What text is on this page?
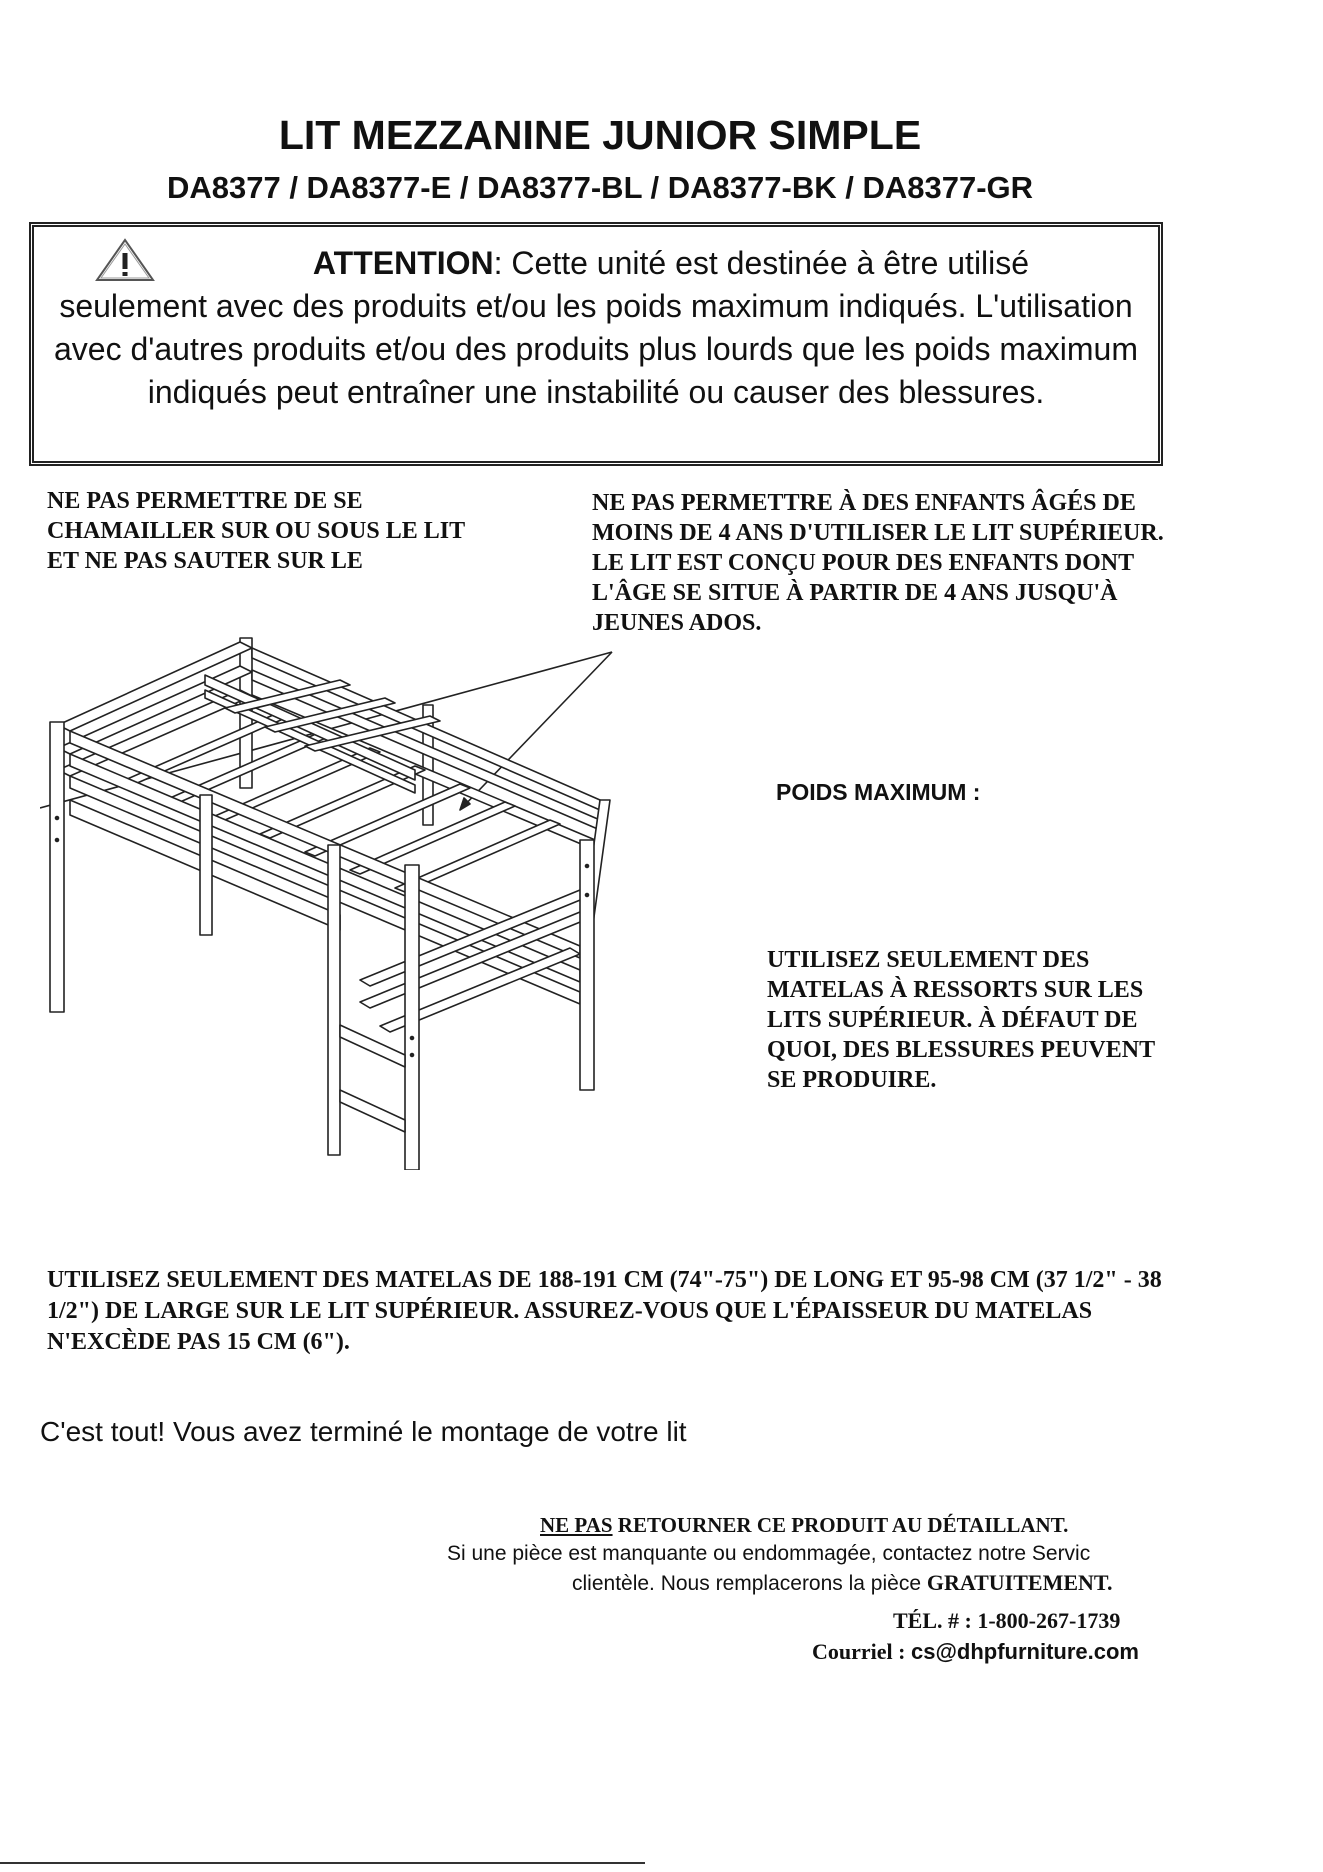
LIT MEZZANINE JUNIOR SIMPLE
DA8377 / DA8377-E / DA8377-BL / DA8377-BK / DA8377-GR
ATTENTION: Cette unité est destinée à être utilisé
seulement avec des produits et/ou les poids maximum indiqués. L'utilisation avec d'autres produits et/ou des produits plus lourds que les poids maximum indiqués peut entraîner une instabilité ou causer des blessures.
NE PAS PERMETTRE DE SE CHAMAILLER SUR OU SOUS LE LIT ET NE PAS SAUTER SUR LE
NE PAS PERMETTRE À DES ENFANTS ÂGÉS DE MOINS DE 4 ANS D'UTILISER LE LIT SUPÉRIEUR. LE LIT EST CONÇU POUR DES ENFANTS DONT L'ÂGE SE SITUE À PARTIR DE 4 ANS JUSQU'À JEUNES ADOS.
POIDS MAXIMUM :
UTILISEZ SEULEMENT DES MATELAS À RESSORTS SUR LES LITS SUPÉRIEUR. À DÉFAUT DE QUOI, DES BLESSURES PEUVENT SE PRODUIRE.
UTILISEZ SEULEMENT DES MATELAS DE 188-191 CM (74"-75") DE LONG ET 95-98 CM (37 1/2" - 38 1/2") DE LARGE SUR LE LIT SUPÉRIEUR. ASSUREZ-VOUS QUE L'ÉPAISSEUR DU MATELAS N'EXCÈDE PAS 15 CM (6").
C'est tout! Vous avez terminé le montage de votre lit
NE PAS RETOURNER CE PRODUIT AU DÉTAILLANT.
Si une pièce est manquante ou endommagée, contactez notre Servic
clientèle. Nous remplacerons la pièce GRATUITEMENT.
TÉL. # : 1-800-267-1739
Courriel : cs@dhpfurniture.com
